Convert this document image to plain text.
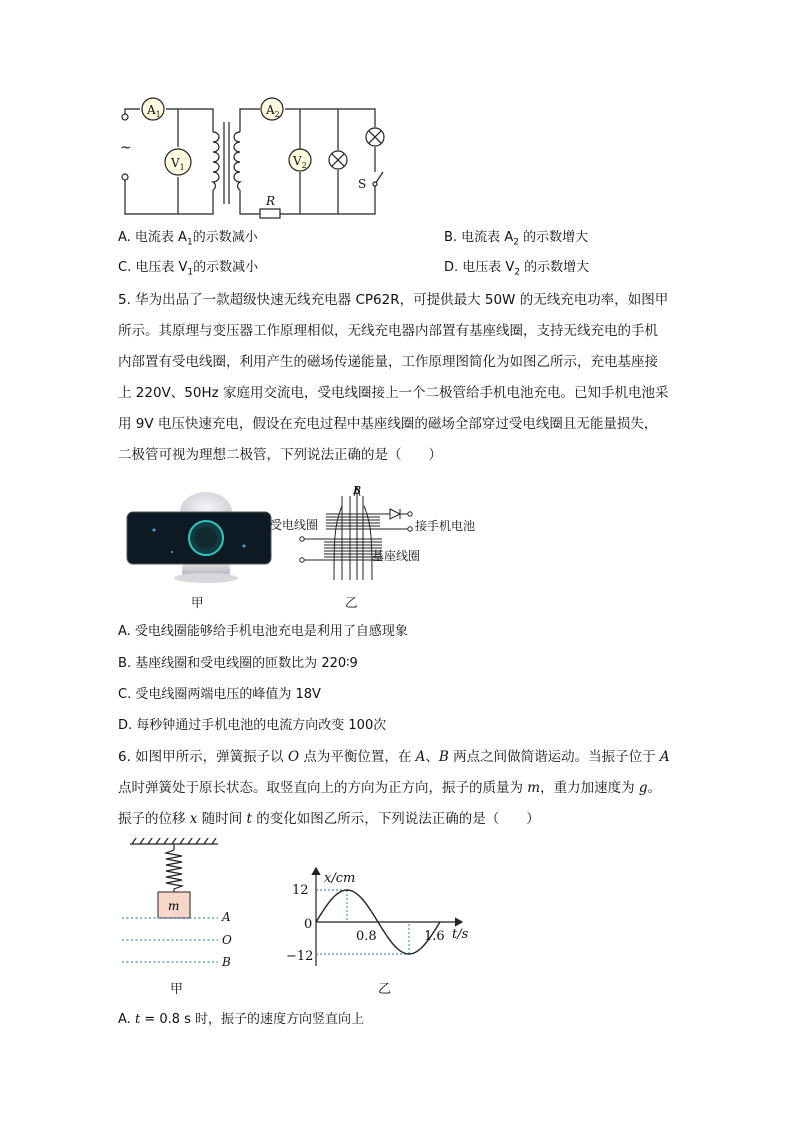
$A_1$
$V_1$
$A_2$
$V_2$
~
R
S
A. 电流表 $A_1$的示数减小	B. 电流表 $A_2$ 的示数增大
C. 电压表 $V_1$的示数减小	D. 电压表 $V_2$ 的示数增大
5. 华为出品了一款超级快速无线充电器 CP62R，可提供最大 50W 的无线充电功率，如图甲
所示。其原理与变压器工作原理相似，无线充电器内部置有基座线圈，支持无线充电的手机
内部置有受电线圈，利用产生的磁场传递能量，工作原理图简化为如图乙所示，充电基座接
上 220V、50Hz 家庭用交流电，受电线圈接上一个二极管给手机电池充电。已知手机电池采
用 9V 电压快速充电，假设在充电过程中基座线圈的磁场全部穿过受电线圈且无能量损失，
二极管可视为理想二极管，下列说法正确的是（　　）
甲
B
受电线圈	接手机电池
基座线圈
乙
A. 受电线圈能够给手机电池充电是利用了自感现象
B. 基座线圈和受电线圈的匝数比为 220∶9
C. 受电线圈两端电压的峰值为 18V
D. 每秒钟通过手机电池的电流方向改变 100次
6. 如图甲所示，弹簧振子以 O 点为平衡位置，在 A、B 两点之间做简谐运动。当振子位于 A
点时弹簧处于原长状态。取竖直向上的方向为正方向，振子的质量为 m，重力加速度为 g。
振子的位移 x 随时间 t 的变化如图乙所示，下列说法正确的是（　　）
m
A
O
B
甲
x/cm
t/s
12
0
−12
0.8	1.6
乙
A. t = 0.8 s 时，振子的速度方向竖直向上
